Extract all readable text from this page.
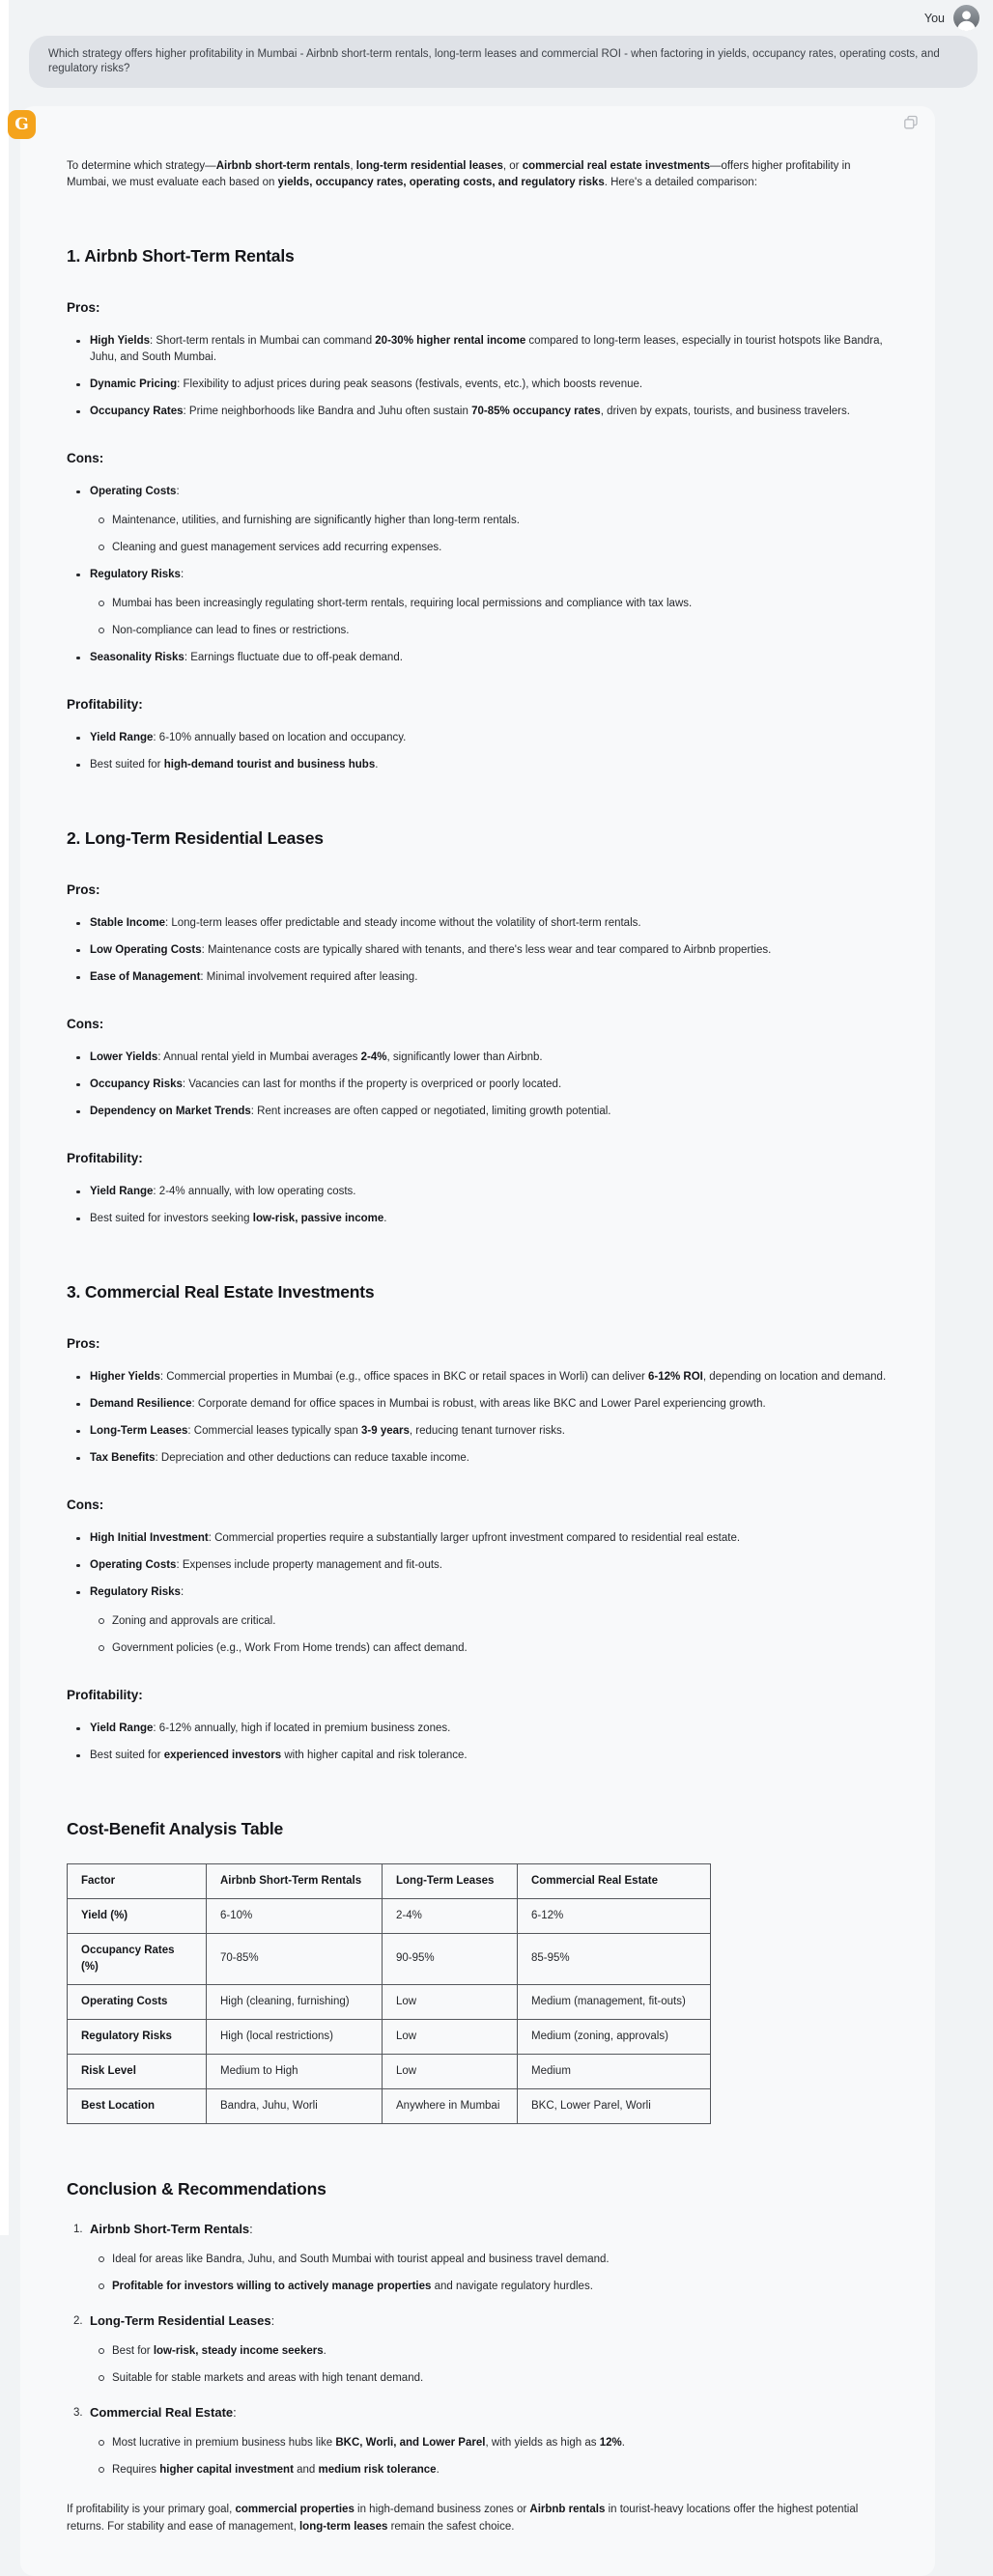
You
Which strategy offers higher profitability in Mumbai - Airbnb short-term rentals, long-term leases and commercial ROI - when factoring in yields, occupancy rates, operating costs, and regulatory risks?
G

To determine which strategy—Airbnb short-term rentals, long-term residential leases, or commercial real estate investments—offers higher profitability in Mumbai, we must evaluate each based on yields, occupancy rates, operating costs, and regulatory risks. Here's a detailed comparison:

1. Airbnb Short-Term Rentals
Pros:
High Yields: Short-term rentals in Mumbai can command 20-30% higher rental income compared to long-term leases, especially in tourist hotspots like Bandra, Juhu, and South Mumbai.
Dynamic Pricing: Flexibility to adjust prices during peak seasons (festivals, events, etc.), which boosts revenue.
Occupancy Rates: Prime neighborhoods like Bandra and Juhu often sustain 70-85% occupancy rates, driven by expats, tourists, and business travelers.
Cons:
Operating Costs:
Maintenance, utilities, and furnishing are significantly higher than long-term rentals.
Cleaning and guest management services add recurring expenses.
Regulatory Risks:
Mumbai has been increasingly regulating short-term rentals, requiring local permissions and compliance with tax laws.
Non-compliance can lead to fines or restrictions.
Seasonality Risks: Earnings fluctuate due to off-peak demand.
Profitability:
Yield Range: 6-10% annually based on location and occupancy.
Best suited for high-demand tourist and business hubs.
2. Long-Term Residential Leases
Pros:
Stable Income: Long-term leases offer predictable and steady income without the volatility of short-term rentals.
Low Operating Costs: Maintenance costs are typically shared with tenants, and there's less wear and tear compared to Airbnb properties.
Ease of Management: Minimal involvement required after leasing.
Cons:
Lower Yields: Annual rental yield in Mumbai averages 2-4%, significantly lower than Airbnb.
Occupancy Risks: Vacancies can last for months if the property is overpriced or poorly located.
Dependency on Market Trends: Rent increases are often capped or negotiated, limiting growth potential.
Profitability:
Yield Range: 2-4% annually, with low operating costs.
Best suited for investors seeking low-risk, passive income.
3. Commercial Real Estate Investments
Pros:
Higher Yields: Commercial properties in Mumbai (e.g., office spaces in BKC or retail spaces in Worli) can deliver 6-12% ROI, depending on location and demand.
Demand Resilience: Corporate demand for office spaces in Mumbai is robust, with areas like BKC and Lower Parel experiencing growth.
Long-Term Leases: Commercial leases typically span 3-9 years, reducing tenant turnover risks.
Tax Benefits: Depreciation and other deductions can reduce taxable income.
Cons:
High Initial Investment: Commercial properties require a substantially larger upfront investment compared to residential real estate.
Operating Costs: Expenses include property management and fit-outs.
Regulatory Risks:
Zoning and approvals are critical.
Government policies (e.g., Work From Home trends) can affect demand.
Profitability:
Yield Range: 6-12% annually, high if located in premium business zones.
Best suited for experienced investors with higher capital and risk tolerance.
Cost-Benefit Analysis Table
Factor	Airbnb Short-Term Rentals	Long-Term Leases	Commercial Real Estate
Yield (%)	6-10%	2-4%	6-12%
Occupancy Rates (%)	70-85%	90-95%	85-95%
Operating Costs	High (cleaning, furnishing)	Low	Medium (management, fit-outs)
Regulatory Risks	High (local restrictions)	Low	Medium (zoning, approvals)
Risk Level	Medium to High	Low	Medium
Best Location	Bandra, Juhu, Worli	Anywhere in Mumbai	BKC, Lower Parel, Worli
Conclusion & Recommendations
Airbnb Short-Term Rentals:
Ideal for areas like Bandra, Juhu, and South Mumbai with tourist appeal and business travel demand.
Profitable for investors willing to actively manage properties and navigate regulatory hurdles.
Long-Term Residential Leases:
Best for low-risk, steady income seekers.
Suitable for stable markets and areas with high tenant demand.
Commercial Real Estate:
Most lucrative in premium business hubs like BKC, Worli, and Lower Parel, with yields as high as 12%.
Requires higher capital investment and medium risk tolerance.

If profitability is your primary goal, commercial properties in high-demand business zones or Airbnb rentals in tourist-heavy locations offer the highest potential returns. For stability and ease of management, long-term leases remain the safest choice.
